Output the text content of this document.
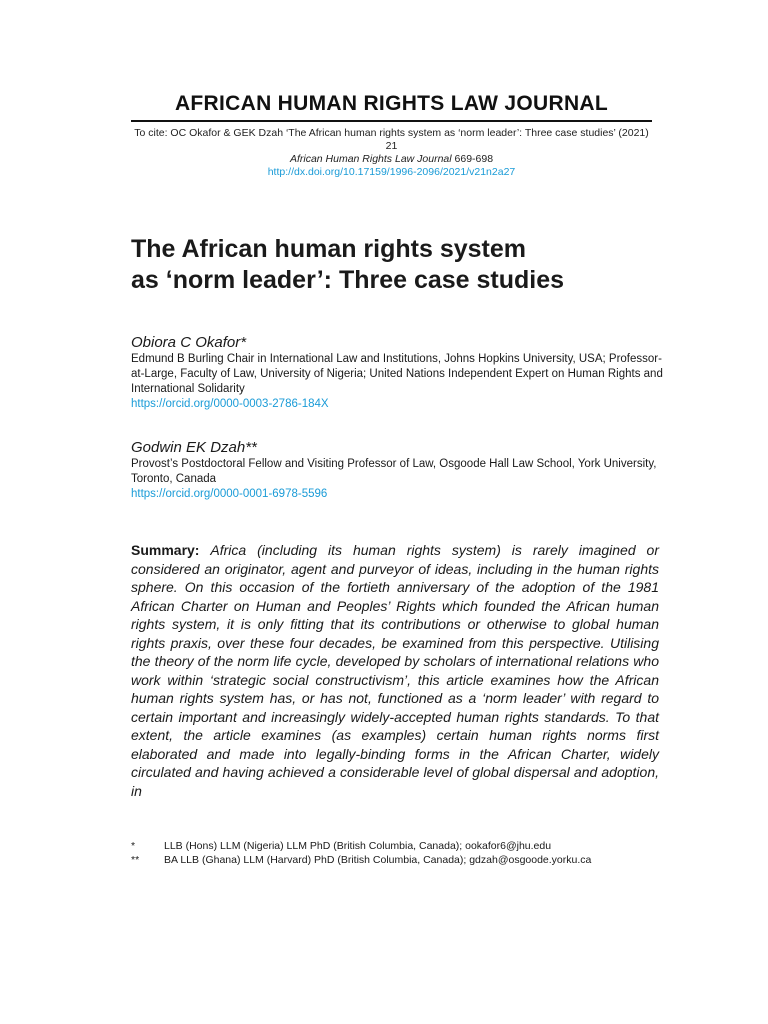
AFRICAN HUMAN RIGHTS LAW JOURNAL
To cite: OC Okafor & GEK Dzah ‘The African human rights system as ‘norm leader’: Three case studies’ (2021) 21
African Human Rights Law Journal 669-698
http://dx.doi.org/10.17159/1996-2096/2021/v21n2a27
The African human rights system
as ‘norm leader’: Three case studies
Obiora C Okafor*
Edmund B Burling Chair in International Law and Institutions, Johns Hopkins University, USA; Professor-at-Large, Faculty of Law, University of Nigeria; United Nations Independent Expert on Human Rights and International Solidarity
https://orcid.org/0000-0003-2786-184X
Godwin EK Dzah**
Provost’s Postdoctoral Fellow and Visiting Professor of Law, Osgoode Hall Law School, York University, Toronto, Canada
https://orcid.org/0000-0001-6978-5596
Summary: Africa (including its human rights system) is rarely imagined or considered an originator, agent and purveyor of ideas, including in the human rights sphere. On this occasion of the fortieth anniversary of the adoption of the 1981 African Charter on Human and Peoples’ Rights which founded the African human rights system, it is only fitting that its contributions or otherwise to global human rights praxis, over these four decades, be examined from this perspective. Utilising the theory of the norm life cycle, developed by scholars of international relations who work within ‘strategic social constructivism’, this article examines how the African human rights system has, or has not, functioned as a ‘norm leader’ with regard to certain important and increasingly widely-accepted human rights standards. To that extent, the article examines (as examples) certain human rights norms first elaborated and made into legally-binding forms in the African Charter, widely circulated and having achieved a considerable level of global dispersal and adoption, in
*	LLB (Hons) LLM (Nigeria) LLM PhD (British Columbia, Canada); ookafor6@jhu.edu
**	BA LLB (Ghana) LLM (Harvard) PhD (British Columbia, Canada); gdzah@osgoode.yorku.ca
